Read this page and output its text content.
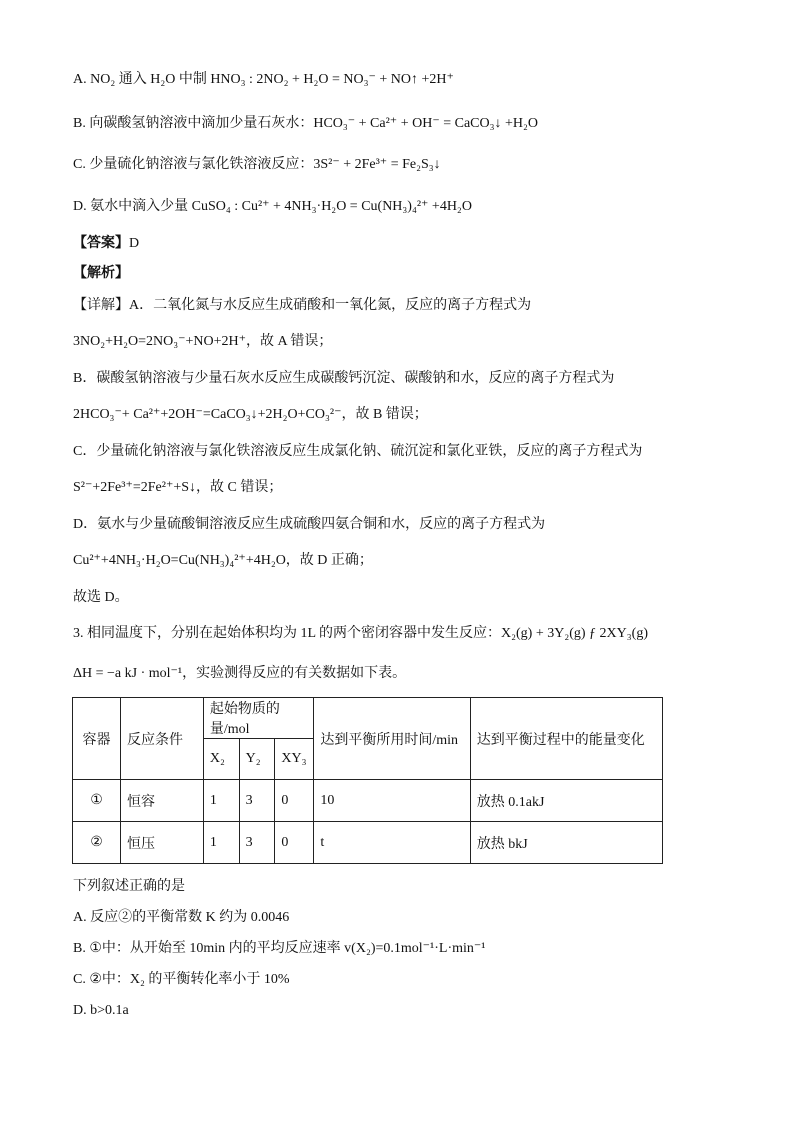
A. NO₂ 通入 H₂O 中制 HNO₃ : 2NO₂ + H₂O = NO₃⁻ + NO↑ +2H⁺
B. 向碳酸氢钠溶液中滴加少量石灰水：HCO₃⁻ + Ca²⁺ + OH⁻ = CaCO₃↓ +H₂O
C. 少量硫化钠溶液与氯化铁溶液反应：3S²⁻ + 2Fe³⁺ = Fe₂S₃↓
D. 氨水中滴入少量 CuSO₄ : Cu²⁺ + 4NH₃·H₂O = Cu(NH₃)₄²⁺ +4H₂O
【答案】D
【解析】
【详解】A．二氧化氮与水反应生成硝酸和一氧化氮，反应的离子方程式为
3NO₂+H₂O=2NO₃⁻+NO+2H⁺，故 A 错误；
B．碳酸氢钠溶液与少量石灰水反应生成碳酸钙沉淀、碳酸钠和水，反应的离子方程式为
2HCO₃⁻+ Ca²⁺+2OH⁻=CaCO₃↓+2H₂O+CO₃²⁻，故 B 错误；
C．少量硫化钠溶液与氯化铁溶液反应生成氯化钠、硫沉淀和氯化亚铁，反应的离子方程式为
S²⁻+2Fe³⁺=2Fe²⁺+S↓，故 C 错误；
D．氨水与少量硫酸铜溶液反应生成硫酸四氨合铜和水，反应的离子方程式为
Cu²⁺+4NH₃·H₂O=Cu(NH₃)₄²⁺+4H₂O，故 D 正确；
故选 D。
3. 相同温度下，分别在起始体积均为 1L 的两个密闭容器中发生反应：X₂(g) + 3Y₂(g) ƒ 2XY₃(g)
ΔH = −a kJ · mol⁻¹，实验测得反应的有关数据如下表。
容器	反应条件	起始物质的量/mol			达到平衡所用时间/min	达到平衡过程中的能量变化
		X₂	Y₂	XY₃		
①	恒容	1	3	0	10	放热 0.1akJ
②	恒压	1	3	0	t	放热 bkJ
下列叙述正确的是
A. 反应②的平衡常数 K 约为 0.0046
B. ①中：从开始至 10min 内的平均反应速率 v(X₂)=0.1mol⁻¹·L·min⁻¹
C. ②中：X₂ 的平衡转化率小于 10%
D. b>0.1a
